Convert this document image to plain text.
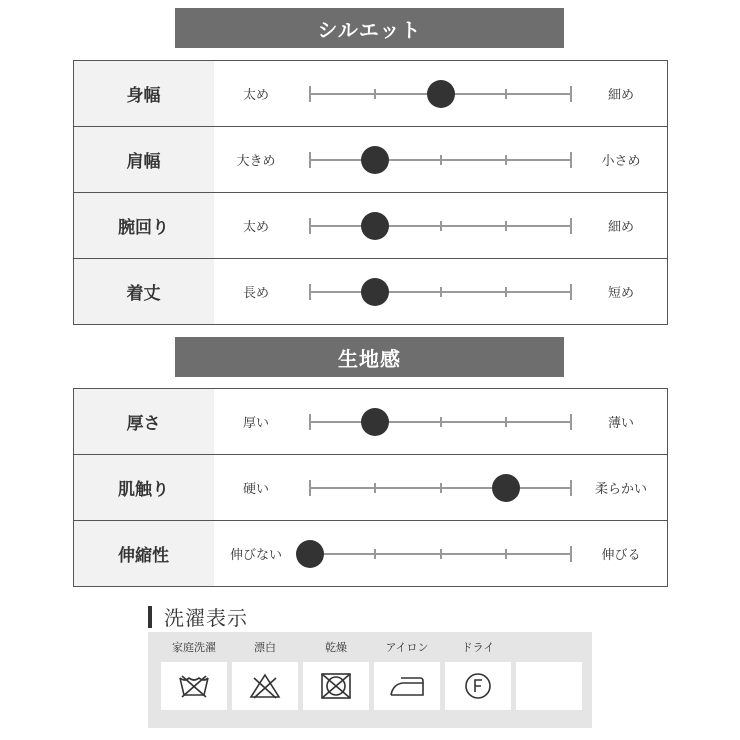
シルエット
身幅	太め	細め
肩幅	大きめ	小さめ
腕回り	太め	細め
着丈	長め	短め
生地感
厚さ	厚い	薄い
肌触り	硬い	柔らかい
伸縮性	伸びない	伸びる
洗濯表示
家庭洗濯	漂白	乾燥	アイロン	ドライ
